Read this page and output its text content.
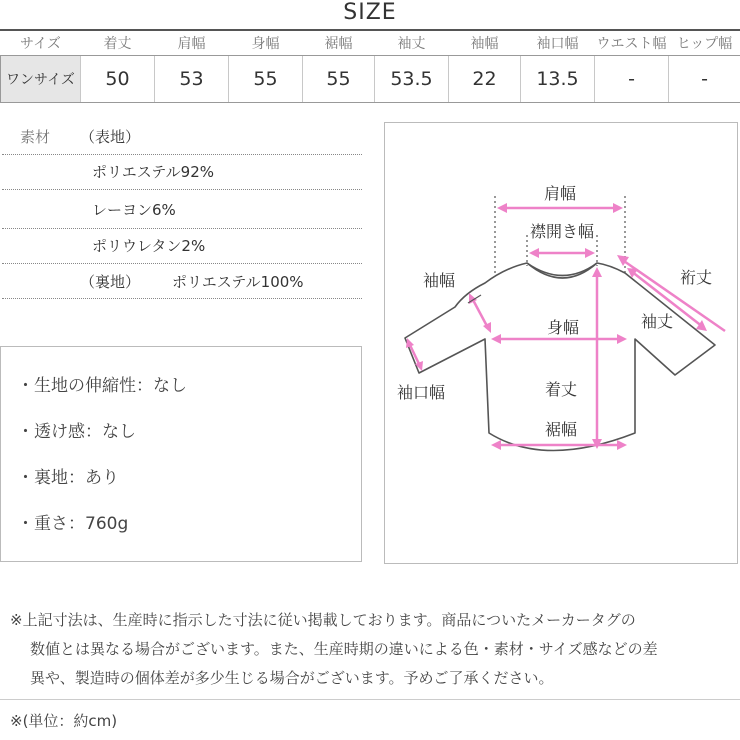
SIZE
サイズ	着丈	肩幅	身幅	裾幅	袖丈	袖幅	袖口幅	ウエスト幅	ヒップ幅
ワンサイズ	50	53	55	55	53.5	22	13.5	-	-
素材 （表地）
ポリエステル92%
レーヨン6%
ポリウレタン2%
（裏地） ポリエステル100%
・生地の伸縮性：なし
・透け感：なし
・裏地：あり
・重さ：760g
肩幅
襟開き幅
袖幅	裄丈
身幅	袖丈
袖口幅	着丈
裾幅
※上記寸法は、生産時に指示した寸法に従い掲載しております。商品についたメーカータグの
数値とは異なる場合がございます。また、生産時期の違いによる色・素材・サイズ感などの差
異や、製造時の個体差が多少生じる場合がございます。予めご了承ください。
※(単位：約cm)
